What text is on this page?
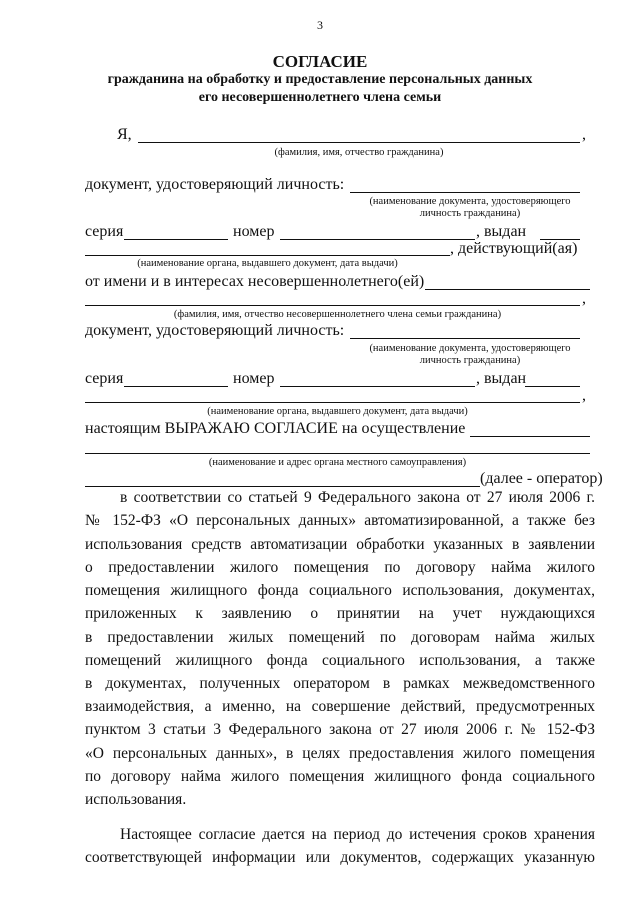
3
СОГЛАСИЕ
гражданина на обработку и предоставление персональных данных
его несовершеннолетнего члена семьи
Я,	,
(фамилия, имя, отчество гражданина)
документ, удостоверяющий личность:
(наименование документа, удостоверяющего
личность гражданина)
серия	номер	, выдан
, действующий(ая)
(наименование органа, выдавшего документ, дата выдачи)
от имени и в интересах несовершеннолетнего(ей)
,
(фамилия, имя, отчество несовершеннолетнего члена семьи гражданина)
документ, удостоверяющий личность:
(наименование документа, удостоверяющего
личность гражданина)
серия	номер	, выдан
,
(наименование органа, выдавшего документ, дата выдачи)
настоящим ВЫРАЖАЮ СОГЛАСИЕ на осуществление
(наименование и адрес органа местного самоуправления)
(далее - оператор)
в соответствии со статьей 9 Федерального закона от 27 июля 2006 г.
№ 152-ФЗ «О персональных данных» автоматизированной, а также без
использования средств автоматизации обработки указанных в заявлении
о предоставлении жилого помещения по договору найма жилого
помещения жилищного фонда социального использования, документах,
приложенных к заявлению о принятии на учет нуждающихся
в предоставлении жилых помещений по договорам найма жилых
помещений жилищного фонда социального использования, а также
в документах, полученных оператором в рамках межведомственного
взаимодействия, а именно, на совершение действий, предусмотренных
пунктом 3 статьи 3 Федерального закона от 27 июля 2006 г. № 152-ФЗ
«О персональных данных», в целях предоставления жилого помещения
по договору найма жилого помещения жилищного фонда социального
использования.
Настоящее согласие дается на период до истечения сроков хранения
соответствующей информации или документов, содержащих указанную
